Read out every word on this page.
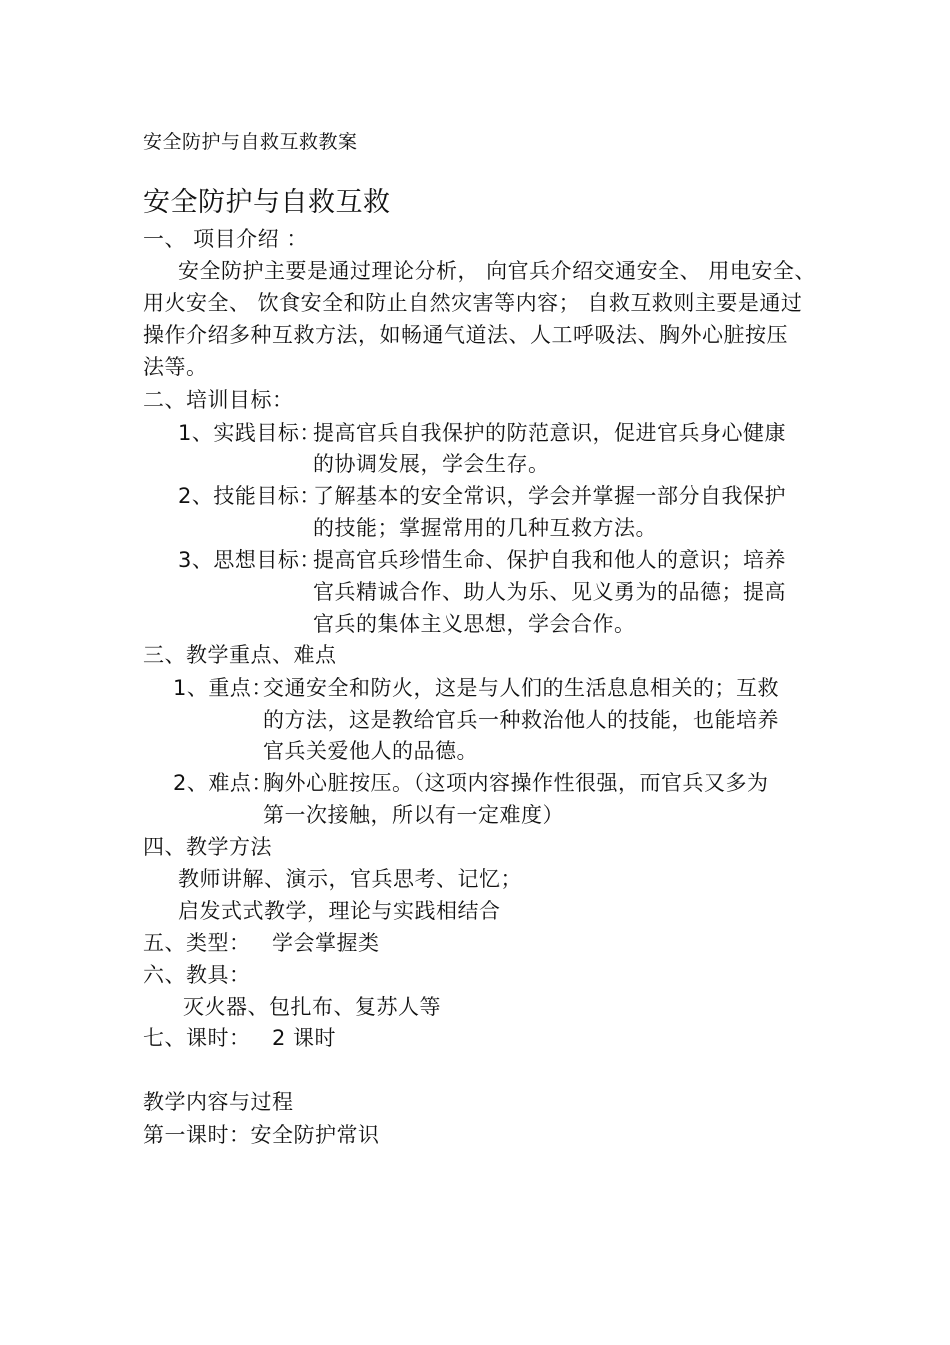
安全防护与自救互救教案
安全防护与自救互救
一、 项目介绍 ：
安全防护主要是通过理论分析， 向官兵介绍交通安全、 用电安全、
用火安全、 饮食安全和防止自然灾害等内容； 自救互救则主要是通过
操作介绍多种互救方法，如畅通气道法、人工呼吸法、胸外心脏按压
法等。
二、培训目标：
1、实践目标：
提高官兵自我保护的防范意识，促进官兵身心健康
的协调发展，学会生存。
2、技能目标：
了解基本的安全常识，学会并掌握一部分自我保护
的技能；掌握常用的几种互救方法。
3、思想目标：
提高官兵珍惜生命、保护自我和他人的意识；培养
官兵精诚合作、助人为乐、见义勇为的品德；提高
官兵的集体主义思想，学会合作。
三、教学重点、难点
1、重点：
交通安全和防火，这是与人们的生活息息相关的；互救
的方法，这是教给官兵一种救治他人的技能，也能培养
官兵关爱他人的品德。
2、难点：
胸外心脏按压。（这项内容操作性很强，而官兵又多为
第一次接触，所以有一定难度）
四、教学方法
教师讲解、演示，官兵思考、记忆；
启发式式教学，理论与实践相结合
五、类型： 学会掌握类
六、教具：
灭火器、包扎布、复苏人等
七、课时： 2 课时
教学内容与过程
第一课时：安全防护常识
